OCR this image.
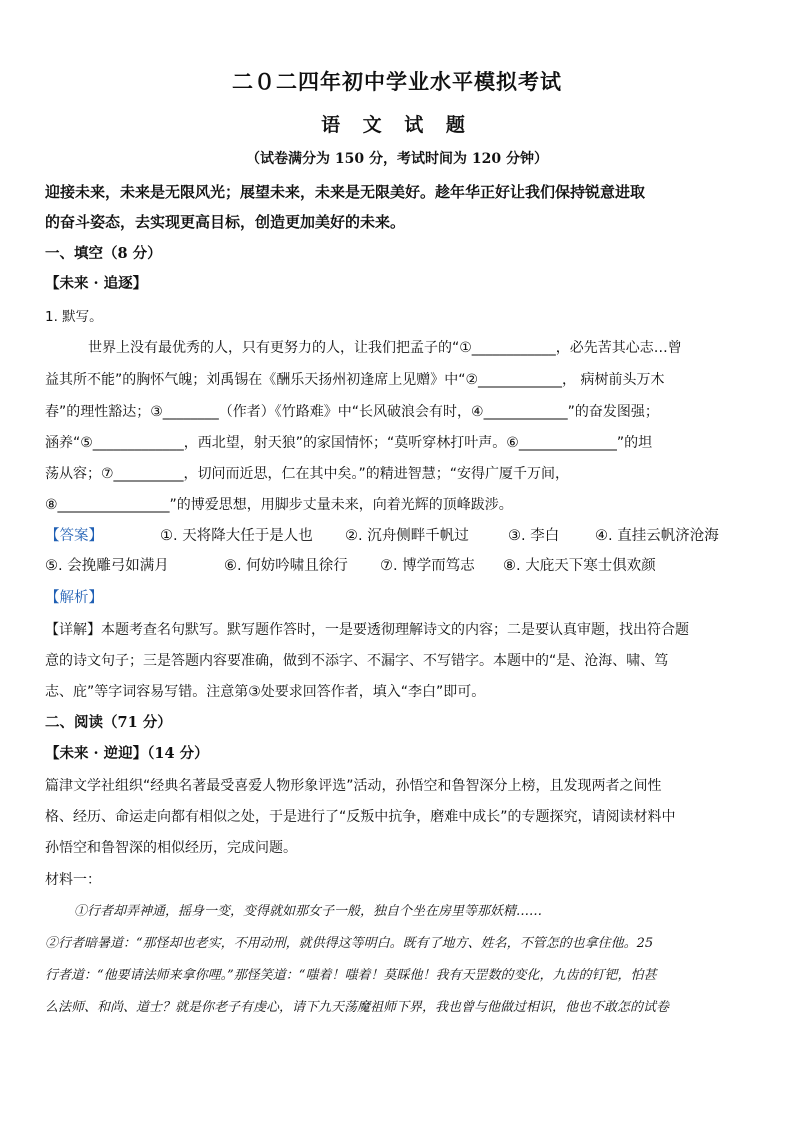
二０二四年初中学业水平模拟考试
语 文 试 题
（试卷满分为 150 分，考试时间为 120 分钟）
迎接未来，未来是无限风光；展望未来，未来是无限美好。趁年华正好让我们保持锐意进取
的奋斗姿态，去实现更高目标，创造更加美好的未来。
一、填空（8 分）
【未来 · 追逐】
1. 默写。
世界上没有最优秀的人，只有更努力的人，让我们把孟子的“①____________，必先苦其心志…曾
益其所不能”的胸怀气魄；刘禹锡在《酬乐天扬州初逢席上见赠》中“②____________， 病树前头万木
春”的理性豁达；③________（作者）《竹路难》中“长风破浪会有时，④____________”的奋发图强；
涵养“⑤_____________，西北望，射天狼”的家国情怀；“莫听穿林打叶声。⑥______________”的坦
荡从容；⑦__________，切问而近思，仁在其中矣。”的精进智慧；“安得广厦千万间，
⑧________________”的博爱思想，用脚步丈量未来，向着光辉的顶峰跋涉。
【答案】	①. 天将降大任于是人也 ②. 沉舟侧畔千帆过	③. 李白 ④. 直挂云帆济沧海
⑤. 会挽雕弓如满月	⑥. 何妨吟啸且徐行 ⑦. 博学而笃志 ⑧. 大庇天下寒士俱欢颜
【解析】
【详解】本题考查名句默写。默写题作答时，一是要透彻理解诗文的内容；二是要认真审题，找出符合题
意的诗文句子；三是答题内容要准确，做到不添字、不漏字、不写错字。本题中的“是、沧海、啸、笃
志、庇”等字词容易写错。注意第③处要求回答作者，填入“李白”即可。
二、阅读（71 分）
【未来 · 逆迎】（14 分）
篇津文学社组织“经典名著最受喜爱人物形象评选”活动，孙悟空和鲁智深分上榜，且发现两者之间性
格、经历、命运走向都有相似之处，于是进行了“反叛中抗争，磨难中成长”的专题探究，请阅读材料中
孙悟空和鲁智深的相似经历，完成问题。
材料一：
①行者却弄神通，摇身一变，变得就如那女子一般，独自个坐在房里等那妖精……
②行者暗暑道：“那怪却也老实，不用动刑，就供得这等明白。既有了地方、姓名，不管怎的也拿住他。25
行者道：“他要请法师来拿你哩。”那怪笑道：“嗤着！嗤着！莫睬他！我有天罡数的变化，九齿的钉钯，怕甚
么法师、和尚、道士？就是你老子有虔心，请下九天荡魔祖师下界，我也曾与他做过相识，他也不敢怎的试卷
